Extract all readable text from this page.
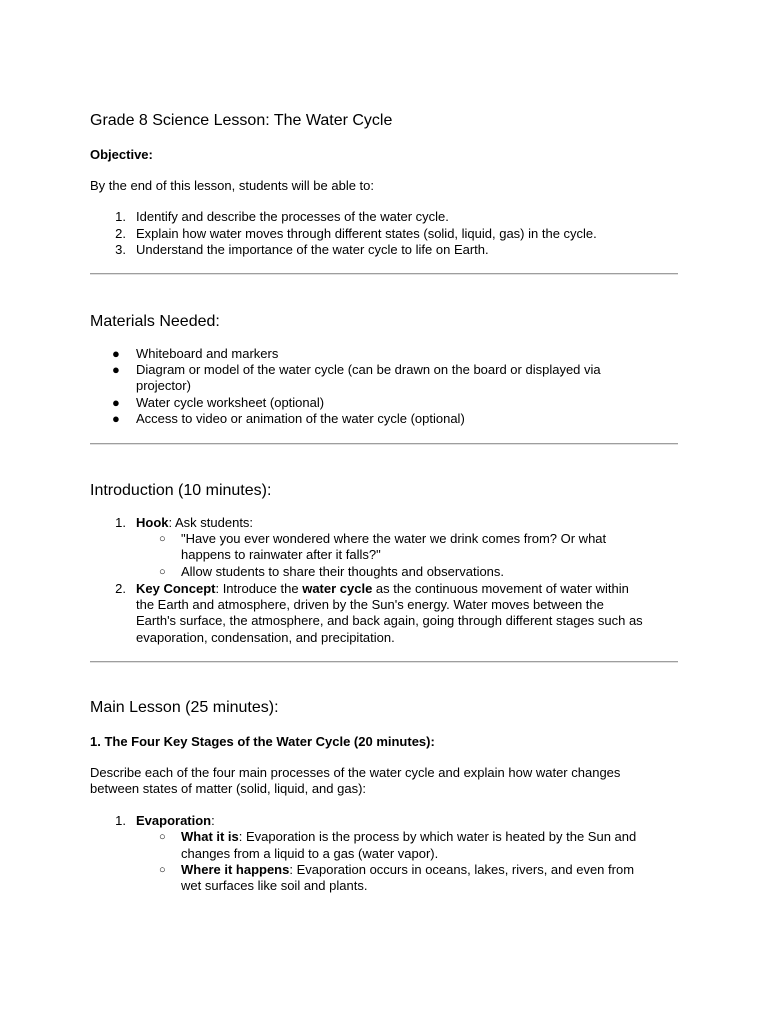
Grade 8 Science Lesson: The Water Cycle
Objective:
By the end of this lesson, students will be able to:
1. Identify and describe the processes of the water cycle.
2. Explain how water moves through different states (solid, liquid, gas) in the cycle.
3. Understand the importance of the water cycle to life on Earth.
Materials Needed:
● Whiteboard and markers
● Diagram or model of the water cycle (can be drawn on the board or displayed via
projector)
● Water cycle worksheet (optional)
● Access to video or animation of the water cycle (optional)
Introduction (10 minutes):
1. Hook: Ask students:
○ "Have you ever wondered where the water we drink comes from? Or what
happens to rainwater after it falls?"
○ Allow students to share their thoughts and observations.
2. Key Concept: Introduce the water cycle as the continuous movement of water within
the Earth and atmosphere, driven by the Sun's energy. Water moves between the
Earth's surface, the atmosphere, and back again, going through different stages such as
evaporation, condensation, and precipitation.
Main Lesson (25 minutes):
1. The Four Key Stages of the Water Cycle (20 minutes):
Describe each of the four main processes of the water cycle and explain how water changes
between states of matter (solid, liquid, and gas):
1. Evaporation:
○ What it is: Evaporation is the process by which water is heated by the Sun and
changes from a liquid to a gas (water vapor).
○ Where it happens: Evaporation occurs in oceans, lakes, rivers, and even from
wet surfaces like soil and plants.
